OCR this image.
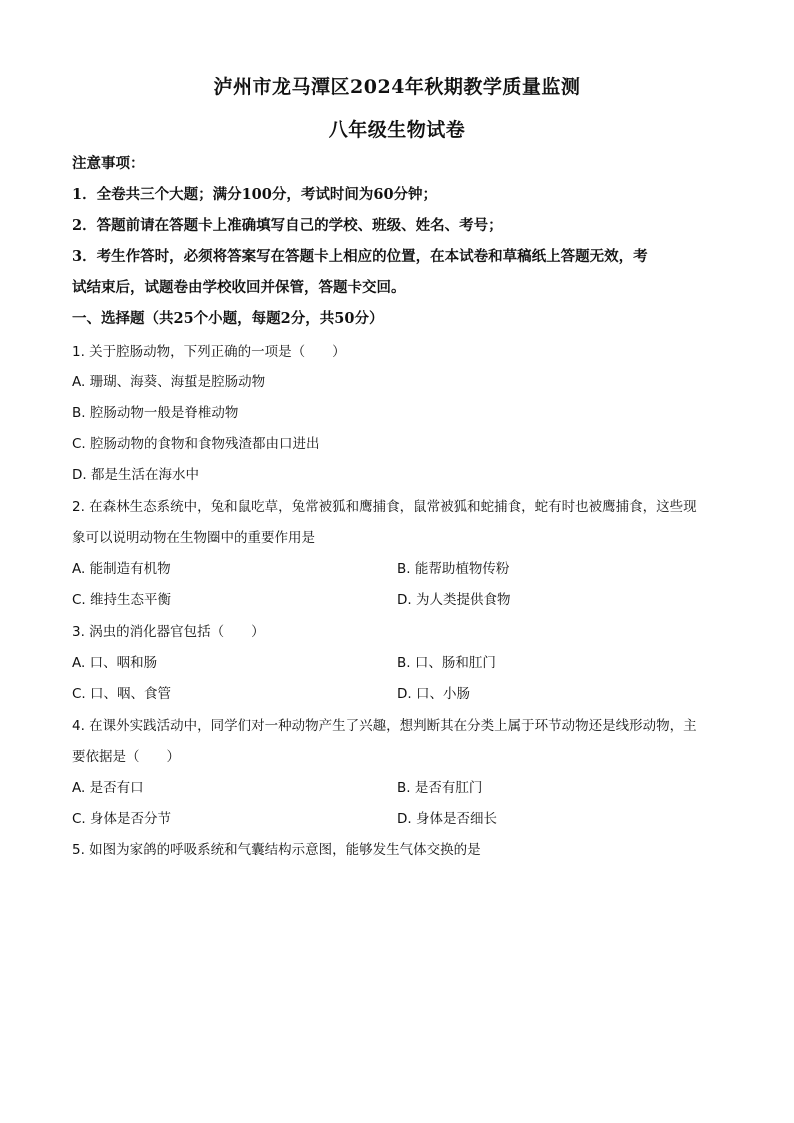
泸州市龙马潭区2024年秋期教学质量监测
八年级生物试卷
注意事项：
1．全卷共三个大题；满分100分，考试时间为60分钟；
2．答题前请在答题卡上准确填写自己的学校、班级、姓名、考号；
3．考生作答时，必须将答案写在答题卡上相应的位置，在本试卷和草稿纸上答题无效，考
试结束后，试题卷由学校收回并保管，答题卡交回。
一、选择题（共25个小题，每题2分，共50分）
1. 关于腔肠动物，下列正确的一项是（　　）
A. 珊瑚、海葵、海蜇是腔肠动物
B. 腔肠动物一般是脊椎动物
C. 腔肠动物的食物和食物残渣都由口进出
D. 都是生活在海水中
2. 在森林生态系统中，兔和鼠吃草，兔常被狐和鹰捕食，鼠常被狐和蛇捕食，蛇有时也被鹰捕食，这些现
象可以说明动物在生物圈中的重要作用是
A. 能制造有机物	B. 能帮助植物传粉
C. 维持生态平衡	D. 为人类提供食物
3. 涡虫的消化器官包括（　　）
A. 口、咽和肠	B. 口、肠和肛门
C. 口、咽、食管	D. 口、小肠
4. 在课外实践活动中，同学们对一种动物产生了兴趣，想判断其在分类上属于环节动物还是线形动物，主
要依据是（　　）
A. 是否有口	B. 是否有肛门
C. 身体是否分节	D. 身体是否细长
5. 如图为家鸽的呼吸系统和气囊结构示意图，能够发生气体交换的是
